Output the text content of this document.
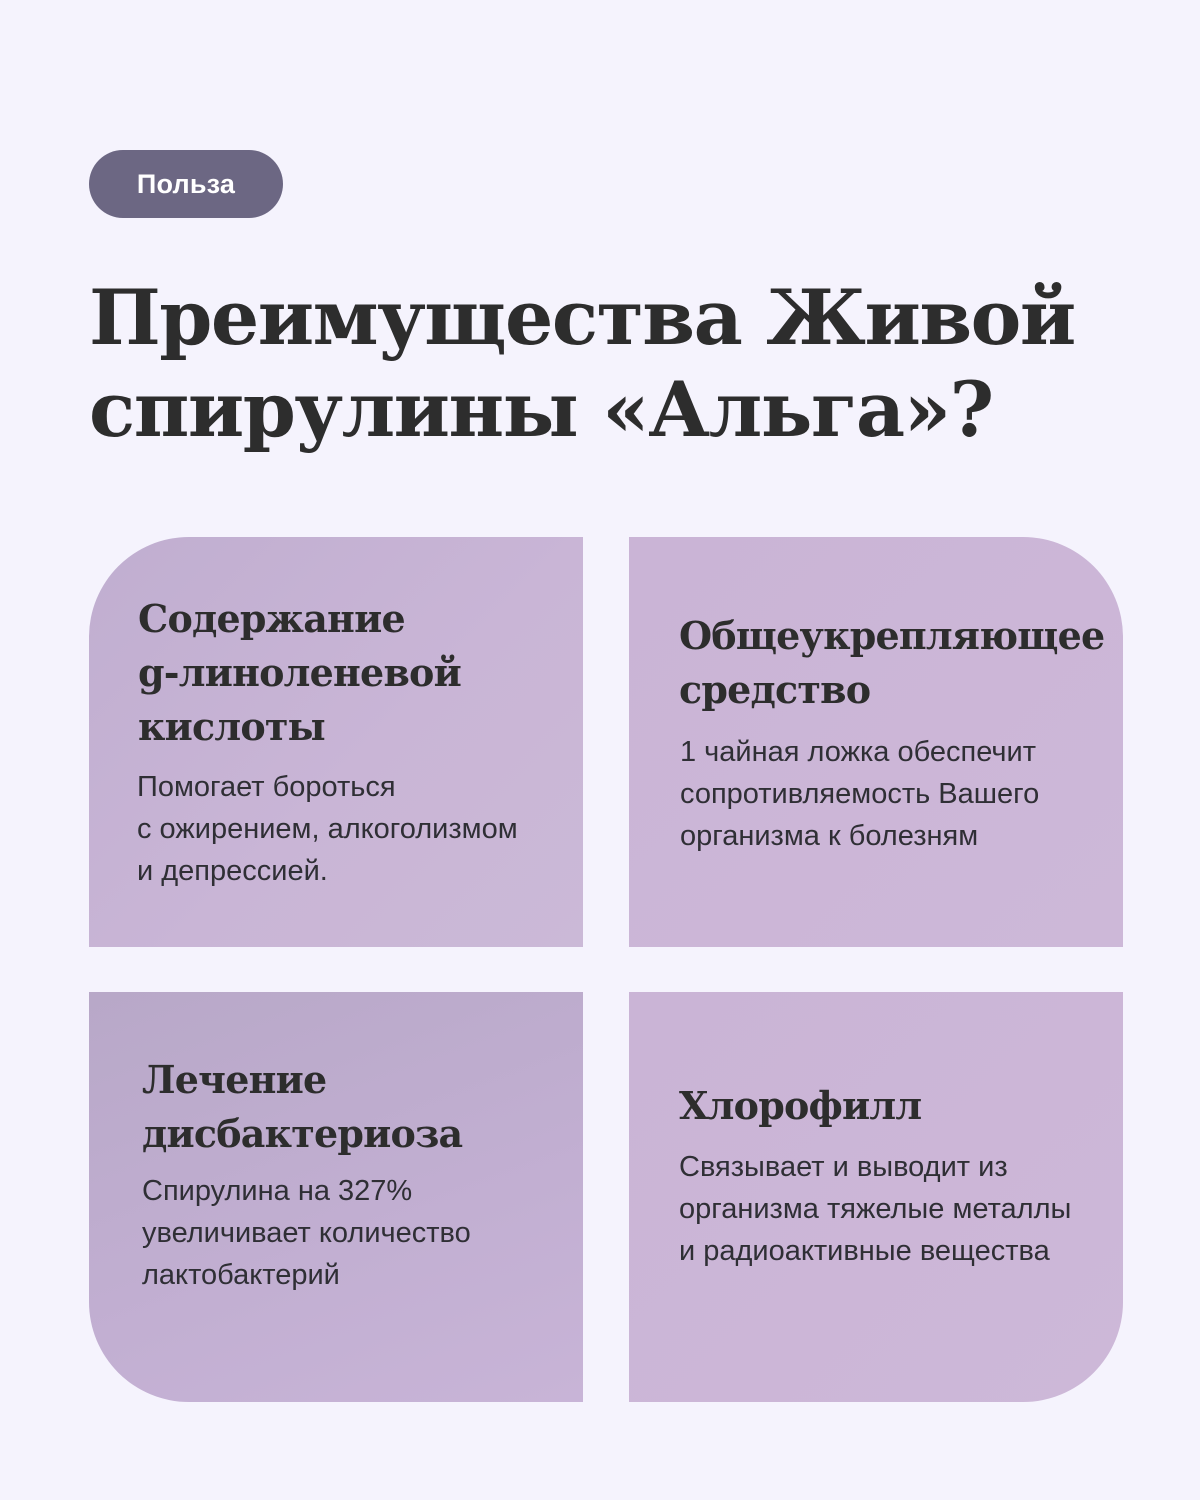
Польза
Преимущества Живой
спирулины «Альга»?
Содержание
g-линоленевой
кислоты

Помогает бороться
с ожирением, алкоголизмом
и депрессией.

Общеукрепляющее
средство

1 чайная ложка обеспечит
сопротивляемость Вашего
организма к болезням

Лечение
дисбактериоза

Спирулина на 327%
увеличивает количество
лактобактерий

Хлорофилл

Связывает и выводит из
организма тяжелые металлы
и радиоактивные вещества
